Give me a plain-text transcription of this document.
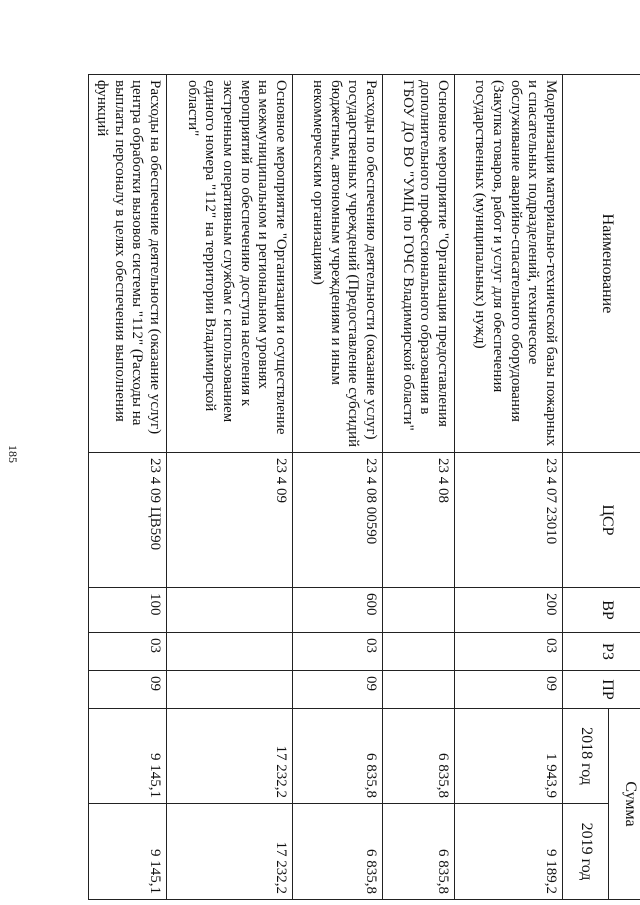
185
Наименование	ЦСР	ВР	РЗ	ПР	Сумма	
					2018 год	2019 год
Модернизация материально-технической базы пожарных и спасательных подразделений, техническое обслуживание аварийно-спасательного оборудования (Закупка товаров, работ и услуг для обеспечения государственных (муниципальных) нужд)	23 4 07 23010	200	03	09	1 943,9	9 189,2
Основное мероприятие "Организация предоставления дополнительного профессионального образования в ГБОУ ДО ВО "УМЦ по ГОЧС Владимирской области"	23 4 08				6 835,8	6 835,8
Расходы по обеспечению деятельности (оказание услуг) государственных учреждений (Предоставление субсидий бюджетным, автономным учреждениям и иным некоммерческим организациям)	23 4 08 00590	600	03	09	6 835,8	6 835,8
Основное мероприятие "Организация и осуществление на межмуниципальном и региональном уровнях мероприятий по обеспечению доступа населения к экстренным оперативным службам с использованием единого номера "112" на территории Владимирской области"	23 4 09				17 232,2	17 232,2
Расходы на обеспечение деятельности (оказание услуг) центра обработки вызовов системы "112" (Расходы на выплаты персоналу в целях обеспечения выполнения функций	23 4 09 ЦВ590	100	03	09	9 145,1	9 145,1
